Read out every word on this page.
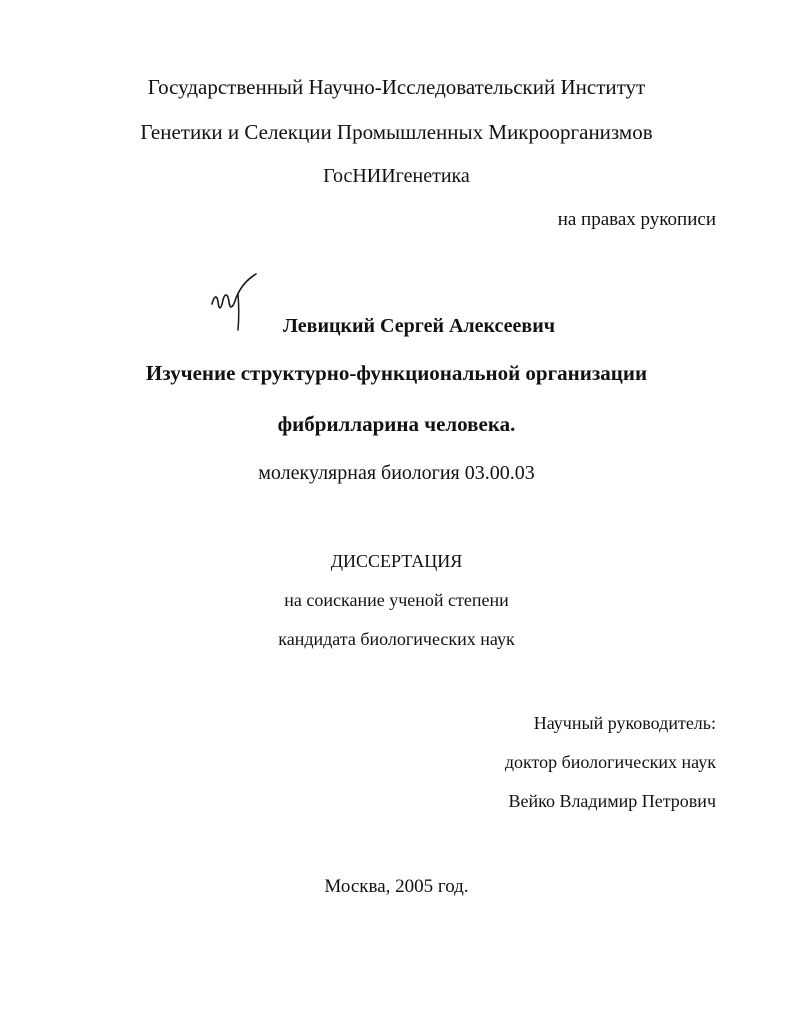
61:05-3/466
Государственный Научно-Исследовательский Институт
Генетики и Селекции Промышленных Микроорганизмов
ГосНИИгенетика
на правах рукописи
Левицкий Сергей Алексеевич
Изучение структурно-функциональной организации
фибрилларина человека.
молекулярная биология 03.00.03
ДИССЕРТАЦИЯ
на соискание ученой степени
кандидата биологических наук
Научный руководитель:
доктор биологических наук
Вейко Владимир Петрович
Москва, 2005 год.
